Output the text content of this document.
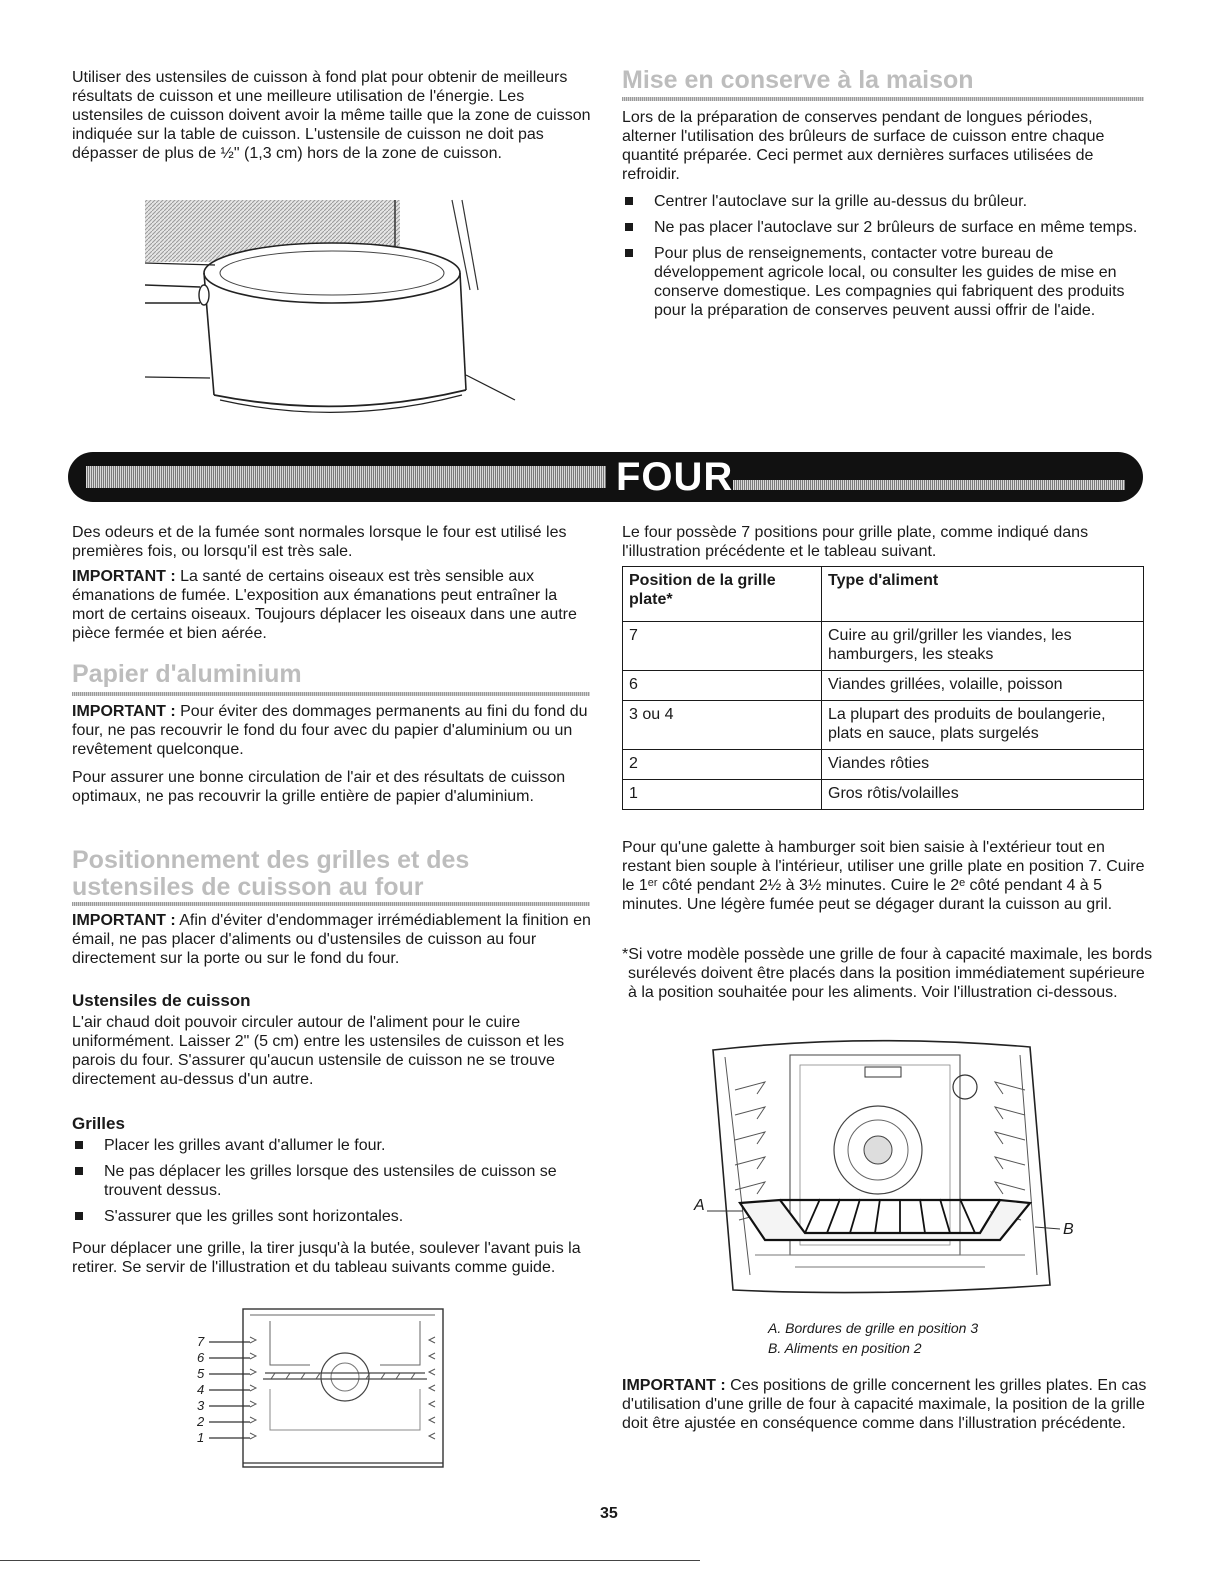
Utiliser des ustensiles de cuisson à fond plat pour obtenir de meilleurs résultats de cuisson et une meilleure utilisation de l'énergie. Les ustensiles de cuisson doivent avoir la même taille que la zone de cuisson indiquée sur la table de cuisson. L'ustensile de cuisson ne doit pas dépasser de plus de ½" (1,3 cm) hors de la zone de cuisson.

Mise en conserve à la maison

Lors de la préparation de conserves pendant de longues périodes, alterner l'utilisation des brûleurs de surface de cuisson entre chaque quantité préparée. Ceci permet aux dernières surfaces utilisées de refroidir.

Centrer l'autoclave sur la grille au-dessus du brûleur.
Ne pas placer l'autoclave sur 2 brûleurs de surface en même temps.
Pour plus de renseignements, contacter votre bureau de développement agricole local, ou consulter les guides de mise en conserve domestique. Les compagnies qui fabriquent des produits pour la préparation de conserves peuvent aussi offrir de l'aide.
FOUR

Des odeurs et de la fumée sont normales lorsque le four est utilisé les premières fois, ou lorsqu'il est très sale.

IMPORTANT : La santé de certains oiseaux est très sensible aux émanations de fumée. L'exposition aux émanations peut entraîner la mort de certains oiseaux. Toujours déplacer les oiseaux dans une autre pièce fermée et bien aérée.

Papier d'aluminium

IMPORTANT : Pour éviter des dommages permanents au fini du fond du four, ne pas recouvrir le fond du four avec du papier d'aluminium ou un revêtement quelconque.

Pour assurer une bonne circulation de l'air et des résultats de cuisson optimaux, ne pas recouvrir la grille entière de papier d'aluminium.

Positionnement des grilles et des
ustensiles de cuisson au four

IMPORTANT : Afin d'éviter d'endommager irrémédiablement la finition en émail, ne pas placer d'aliments ou d'ustensiles de cuisson au four directement sur la porte ou sur le fond du four.

Ustensiles de cuisson

L'air chaud doit pouvoir circuler autour de l'aliment pour le cuire uniformément. Laisser 2" (5 cm) entre les ustensiles de cuisson et les parois du four. S'assurer qu'aucun ustensile de cuisson ne se trouve directement au-dessus d'un autre.

Grilles
Placer les grilles avant d'allumer le four.
Ne pas déplacer les grilles lorsque des ustensiles de cuisson se trouvent dessus.
S'assurer que les grilles sont horizontales.

Pour déplacer une grille, la tirer jusqu'à la butée, soulever l'avant puis la retirer. Se servir de l'illustration et du tableau suivants comme guide.

7
6
5
4
3
2
1

Le four possède 7 positions pour grille plate, comme indiqué dans l'illustration précédente et le tableau suivant.

Position de la grille plate*	Type d'aliment
7	Cuire au gril/griller les viandes, les hamburgers, les steaks
6	Viandes grillées, volaille, poisson
3 ou 4	La plupart des produits de boulangerie, plats en sauce, plats surgelés
2	Viandes rôties
1	Gros rôtis/volailles

Pour qu'une galette à hamburger soit bien saisie à l'extérieur tout en restant bien souple à l'intérieur, utiliser une grille plate en position 7. Cuire le 1ᵉʳ côté pendant 2½ à 3½ minutes. Cuire le 2ᵉ côté pendant 4 à 5 minutes. Une légère fumée peut se dégager durant la cuisson au gril.

*Si votre modèle possède une grille de four à capacité maximale, les bords surélevés doivent être placés dans la position immédiatement supérieure à la position souhaitée pour les aliments. Voir l'illustration ci-dessous.

A
B

A. Bordures de grille en position 3

B. Aliments en position 2

IMPORTANT : Ces positions de grille concernent les grilles plates. En cas d'utilisation d'une grille de four à capacité maximale, la position de la grille doit être ajustée en conséquence comme dans l'illustration précédente.

35
